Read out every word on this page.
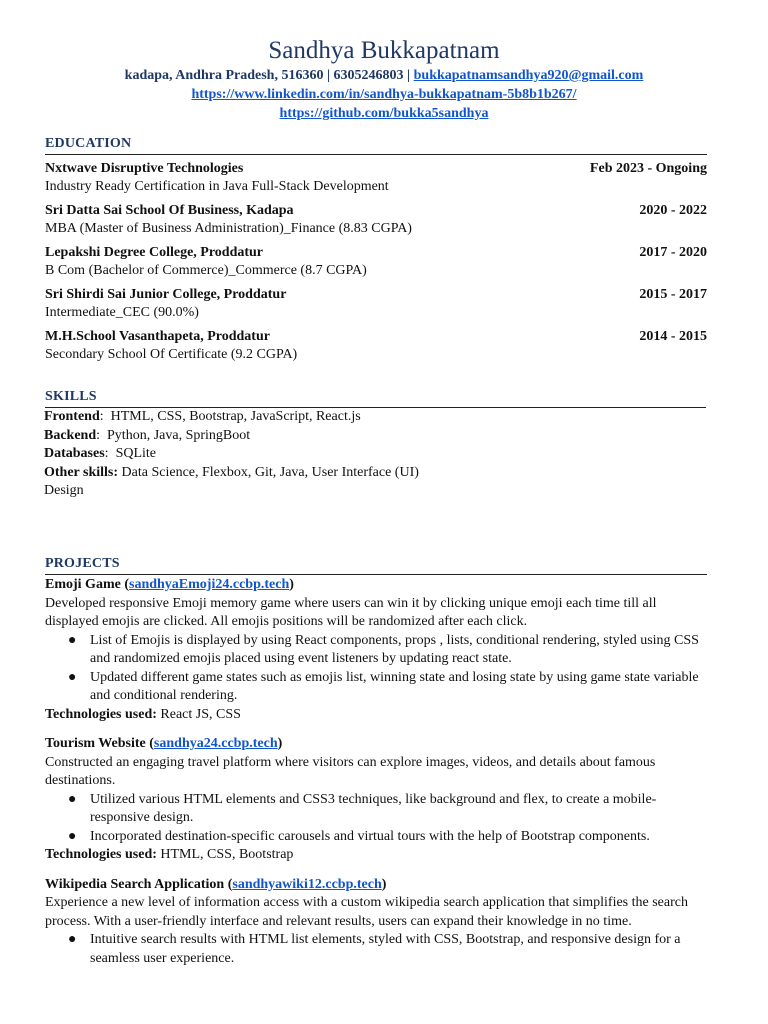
Sandhya Bukkapatnam
kadapa, Andhra Pradesh, 516360 | 6305246803 | bukkapatnamsandhya920@gmail.com
https://www.linkedin.com/in/sandhya-bukkapatnam-5b8b1b267/
https://github.com/bukka5sandhya
EDUCATION
Nxtwave Disruptive Technologies	Feb 2023 - Ongoing
Industry Ready Certification in Java Full-Stack Development
Sri Datta Sai School Of Business, Kadapa	2020 - 2022
MBA (Master of Business Administration)_Finance (8.83 CGPA)
Lepakshi Degree College, Proddatur	2017 - 2020
B Com (Bachelor of Commerce)_Commerce (8.7 CGPA)
Sri Shirdi Sai Junior College, Proddatur	2015 - 2017
Intermediate_CEC (90.0%)
M.H.School Vasanthapeta, Proddatur	2014 - 2015
Secondary School Of Certificate (9.2 CGPA)
SKILLS
Frontend: HTML, CSS, Bootstrap, JavaScript, React.js
Backend: Python, Java, SpringBoot
Databases: SQLite
Other skills: Data Science, Flexbox, Git, Java, User Interface (UI)
Design
PROJECTS
Emoji Game (sandhyaEmoji24.ccbp.tech)
Developed responsive Emoji memory game where users can win it by clicking unique emoji each time till all displayed emojis are clicked. All emojis positions will be randomized after each click.
● List of Emojis is displayed by using React components, props , lists, conditional rendering, styled using CSS and randomized emojis placed using event listeners by updating react state.
● Updated different game states such as emojis list, winning state and losing state by using game state variable and conditional rendering.
Technologies used: React JS, CSS
Tourism Website (sandhya24.ccbp.tech)
Constructed an engaging travel platform where visitors can explore images, videos, and details about famous destinations.
● Utilized various HTML elements and CSS3 techniques, like background and flex, to create a mobile-responsive design.
● Incorporated destination-specific carousels and virtual tours with the help of Bootstrap components.
Technologies used: HTML, CSS, Bootstrap
Wikipedia Search Application (sandhyawiki12.ccbp.tech)
Experience a new level of information access with a custom wikipedia search application that simplifies the search process. With a user-friendly interface and relevant results, users can expand their knowledge in no time.
● Intuitive search results with HTML list elements, styled with CSS, Bootstrap, and responsive design for a seamless user experience.
